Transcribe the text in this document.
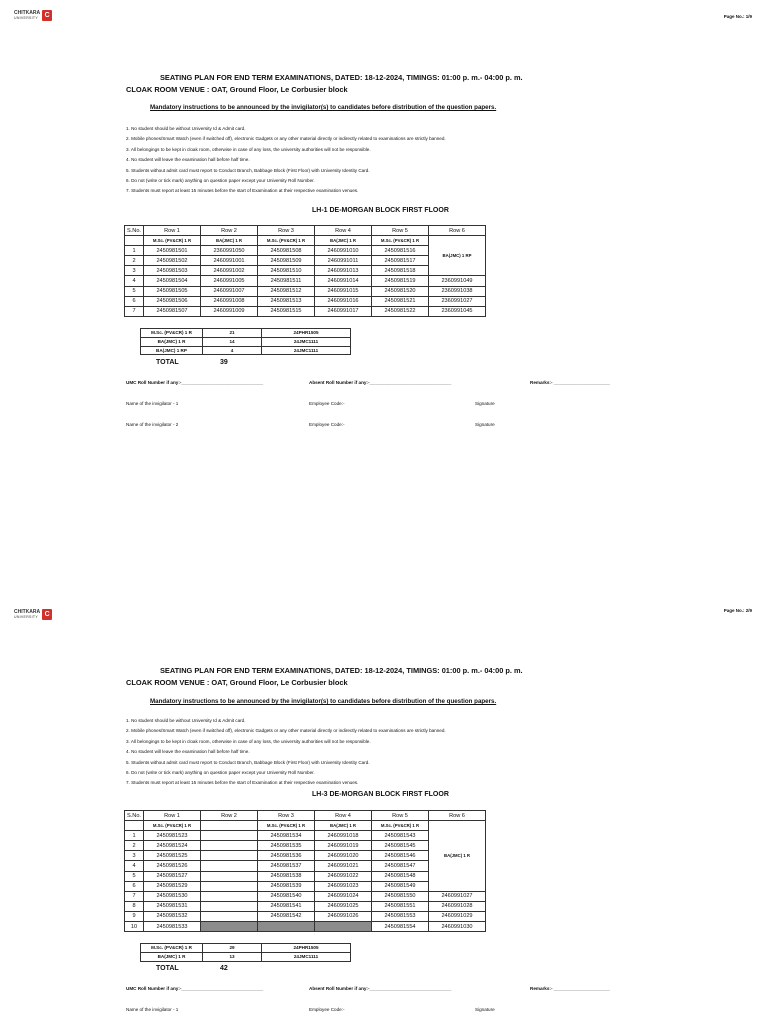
CHITKARA
UNIVERSITY C	Page No.: 1/9
SEATING PLAN FOR END TERM EXAMINATIONS, DATED: 18-12-2024, TIMINGS: 01:00 p. m.- 04:00 p. m.
CLOAK ROOM VENUE : OAT, Ground Floor, Le Corbusier block
Mandatory instructions to be announced by the invigilator(s) to candidates before distribution of the question papers.
1. No student should be without University Id & Admit card.
2. Mobile phones/Smart Watch (even if switched off), electronic Gadgets or any other material directly or indirectly related to examinations are strictly banned.
3. All belongings to be kept in cloak room, otherwise in case of any loss, the university authorities will not be responsible.
4. No student will leave the examination hall before half time.
5. Students without admit card must report to Conduct Branch, Babbage Block (First Floor) with University Identity Card.
6. Do not (write or tick mark) anything on question paper except your University Roll Number.
7. Students must report at least 15 minutes before the start of Examination at their respective examination venues.
LH-1 DE-MORGAN BLOCK FIRST FLOOR
S.No.	Row 1	Row 2	Row 3	Row 4	Row 5	Row 6
	M.Sc. (PV&CR) 1 R	BA(JMC) 1 R	M.Sc. (PV&CR) 1 R	BA(JMC) 1 R	M.Sc. (PV&CR) 1 R	BA(JMC) 1 RP
1	2450981501	2360991050	2450981508	2460991010	2450981516	
2	2450981502	2460991001	2450981509	2460991011	2450981517	
3	2450981503	2460991002	2450981510	2460991013	2450981518	
4	2450981504	2460991005	2450981511	2460991014	2450981519	2360991049
5	2450981505	2460991007	2450981512	2460991015	2450981520	2360991038
6	2450981506	2460991008	2450981513	2460991016	2450981521	2360991027
7	2450981507	2460991009	2450981515	2460991017	2450981522	2360991045
M.Sc. (PV&CR) 1 R	21	24PHR1505
BA(JMC) 1 R	14	24JMC1111
BA(JMC) 1 RP	4	24JMC1111
TOTAL	39
UMC Roll Number if any:-________________________________	Absent Roll Number if any:-________________________________	Remarks:- ______________________
Name of the invigilator - 1	Employee Code:-	Signature
Name of the invigilator - 2	Employee Code:-	Signature
CHITKARA
UNIVERSITY C
Page No.: 2/9
SEATING PLAN FOR END TERM EXAMINATIONS, DATED: 18-12-2024, TIMINGS: 01:00 p. m.- 04:00 p. m.
CLOAK ROOM VENUE : OAT, Ground Floor, Le Corbusier block
Mandatory instructions to be announced by the invigilator(s) to candidates before distribution of the question papers.
1. No student should be without University Id & Admit card.
2. Mobile phones/Smart Watch (even if switched off), electronic Gadgets or any other material directly or indirectly related to examinations are strictly banned.
3. All belongings to be kept in cloak room, otherwise in case of any loss, the university authorities will not be responsible.
4. No student will leave the examination hall before half time.
5. Students without admit card must report to Conduct Branch, Babbage Block (First Floor) with University Identity Card.
6. Do not (write or tick mark) anything on question paper except your University Roll Number.
7. Students must report at least 15 minutes before the start of Examination at their respective examination venues.
LH-3 DE-MORGAN BLOCK FIRST FLOOR
S.No.	Row 1	Row 2	Row 3	Row 4	Row 5	Row 6
	M.Sc. (PV&CR) 1 R		M.Sc. (PV&CR) 1 R	BA(JMC) 1 R	M.Sc. (PV&CR) 1 R	BA(JMC) 1 R
1	2450981523		2450981534	2460991018	2450981543	
2	2450981524		2450981535	2460991019	2450981545	
3	2450981525		2450981536	2460991020	2450981546	
4	2450981526		2450981537	2460991021	2450981547	
5	2450981527		2450981538	2460991022	2450981548	
6	2450981529		2450981539	2460991023	2450981549	
7	2450981530		2450981540	2460991024	2450981550	2460991027
8	2450981531		2450981541	2460991025	2450981551	2460991028
9	2450981532		2450981542	2460991026	2450981553	2460991029
10	2450981533				2450981554	2460991030
M.Sc. (PV&CR) 1 R	29	24PHR1505
BA(JMC) 1 R	13	24JMC1111
TOTAL	42
UMC Roll Number if any:-________________________________	Absent Roll Number if any:-________________________________	Remarks:- ______________________
Name of the invigilator - 1	Employee Code:-	Signature
